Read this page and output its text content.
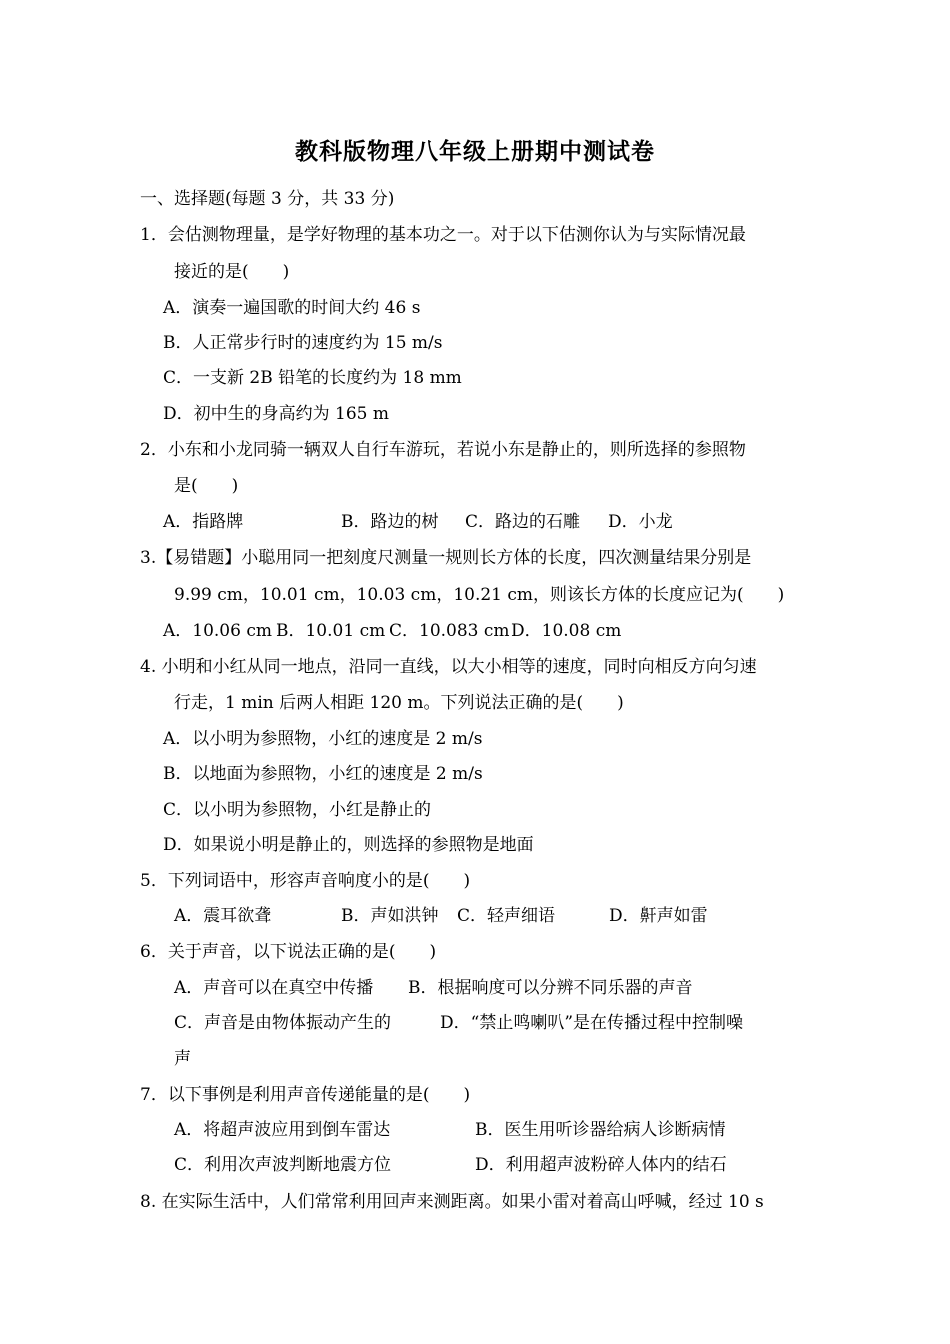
教科版物理八年级上册期中测试卷
一、选择题(每题 3 分，共 33 分)
1．会估测物理量，是学好物理的基本功之一。对于以下估测你认为与实际情况最
接近的是(　　)
A．演奏一遍国歌的时间大约 46 s
B．人正常步行时的速度约为 15 m/s
C．一支新 2B 铅笔的长度约为 18 mm
D．初中生的身高约为 165 m
2．小东和小龙同骑一辆双人自行车游玩，若说小东是静止的，则所选择的参照物
是(　　)
A．指路牌	B．路边的树 C．路边的石雕 D．小龙
3.【易错题】小聪用同一把刻度尺测量一规则长方体的长度，四次测量结果分别是
9.99 cm，10.01 cm，10.03 cm，10.21 cm，则该长方体的长度应记为(　　)
A．10.06 cm B．10.01 cm C．10.083 cm D．10.08 cm
4. 小明和小红从同一地点，沿同一直线，以大小相等的速度，同时向相反方向匀速
行走，1 min 后两人相距 120 m。下列说法正确的是(　　)
A．以小明为参照物，小红的速度是 2 m/s
B．以地面为参照物，小红的速度是 2 m/s
C．以小明为参照物，小红是静止的
D．如果说小明是静止的，则选择的参照物是地面
5．下列词语中，形容声音响度小的是(　　)
A．震耳欲聋	B．声如洪钟 C．轻声细语	D．鼾声如雷
6．关于声音，以下说法正确的是(　　)
A．声音可以在真空中传播 B．根据响度可以分辨不同乐器的声音
C．声音是由物体振动产生的	D．“禁止鸣喇叭”是在传播过程中控制噪
声
7．以下事例是利用声音传递能量的是(　　)
A．将超声波应用到倒车雷达	B．医生用听诊器给病人诊断病情
C．利用次声波判断地震方位	D．利用超声波粉碎人体内的结石
8. 在实际生活中，人们常常利用回声来测距离。如果小雷对着高山呼喊，经过 10 s
